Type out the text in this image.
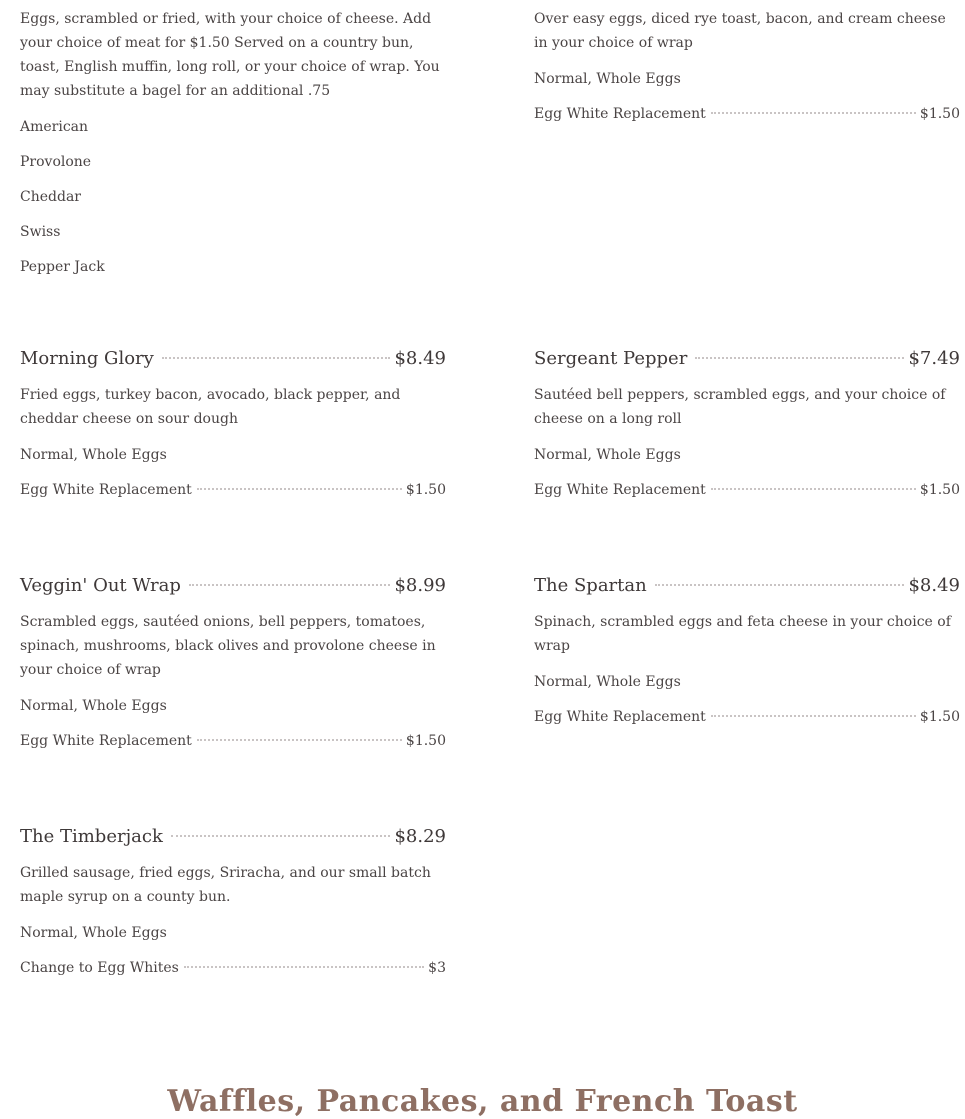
Eggs, scrambled or fried, with your choice of cheese. Add your choice of meat for $1.50 Served on a country bun, toast, English muffin, long roll, or your choice of wrap. You may substitute a bagel for an additional .75

American
Provolone
Cheddar
Swiss
Pepper Jack

Over easy eggs, diced rye toast, bacon, and cream cheese in your choice of wrap

Normal, Whole Eggs
Egg White Replacement	$1.50
Morning Glory	$8.49

Fried eggs, turkey bacon, avocado, black pepper, and cheddar cheese on sour dough

Normal, Whole Eggs
Egg White Replacement	$1.50
Sergeant Pepper	$7.49

Sautéed bell peppers, scrambled eggs, and your choice of cheese on a long roll

Normal, Whole Eggs
Egg White Replacement	$1.50
Veggin' Out Wrap	$8.99

Scrambled eggs, sautéed onions, bell peppers, tomatoes, spinach, mushrooms, black olives and provolone cheese in your choice of wrap

Normal, Whole Eggs
Egg White Replacement	$1.50
The Spartan	$8.49

Spinach, scrambled eggs and feta cheese in your choice of wrap

Normal, Whole Eggs
Egg White Replacement	$1.50
The Timberjack	$8.29

Grilled sausage, fried eggs, Sriracha, and our small batch maple syrup on a county bun.

Normal, Whole Eggs
Change to Egg Whites	$3
Waffles, Pancakes, and French Toast
